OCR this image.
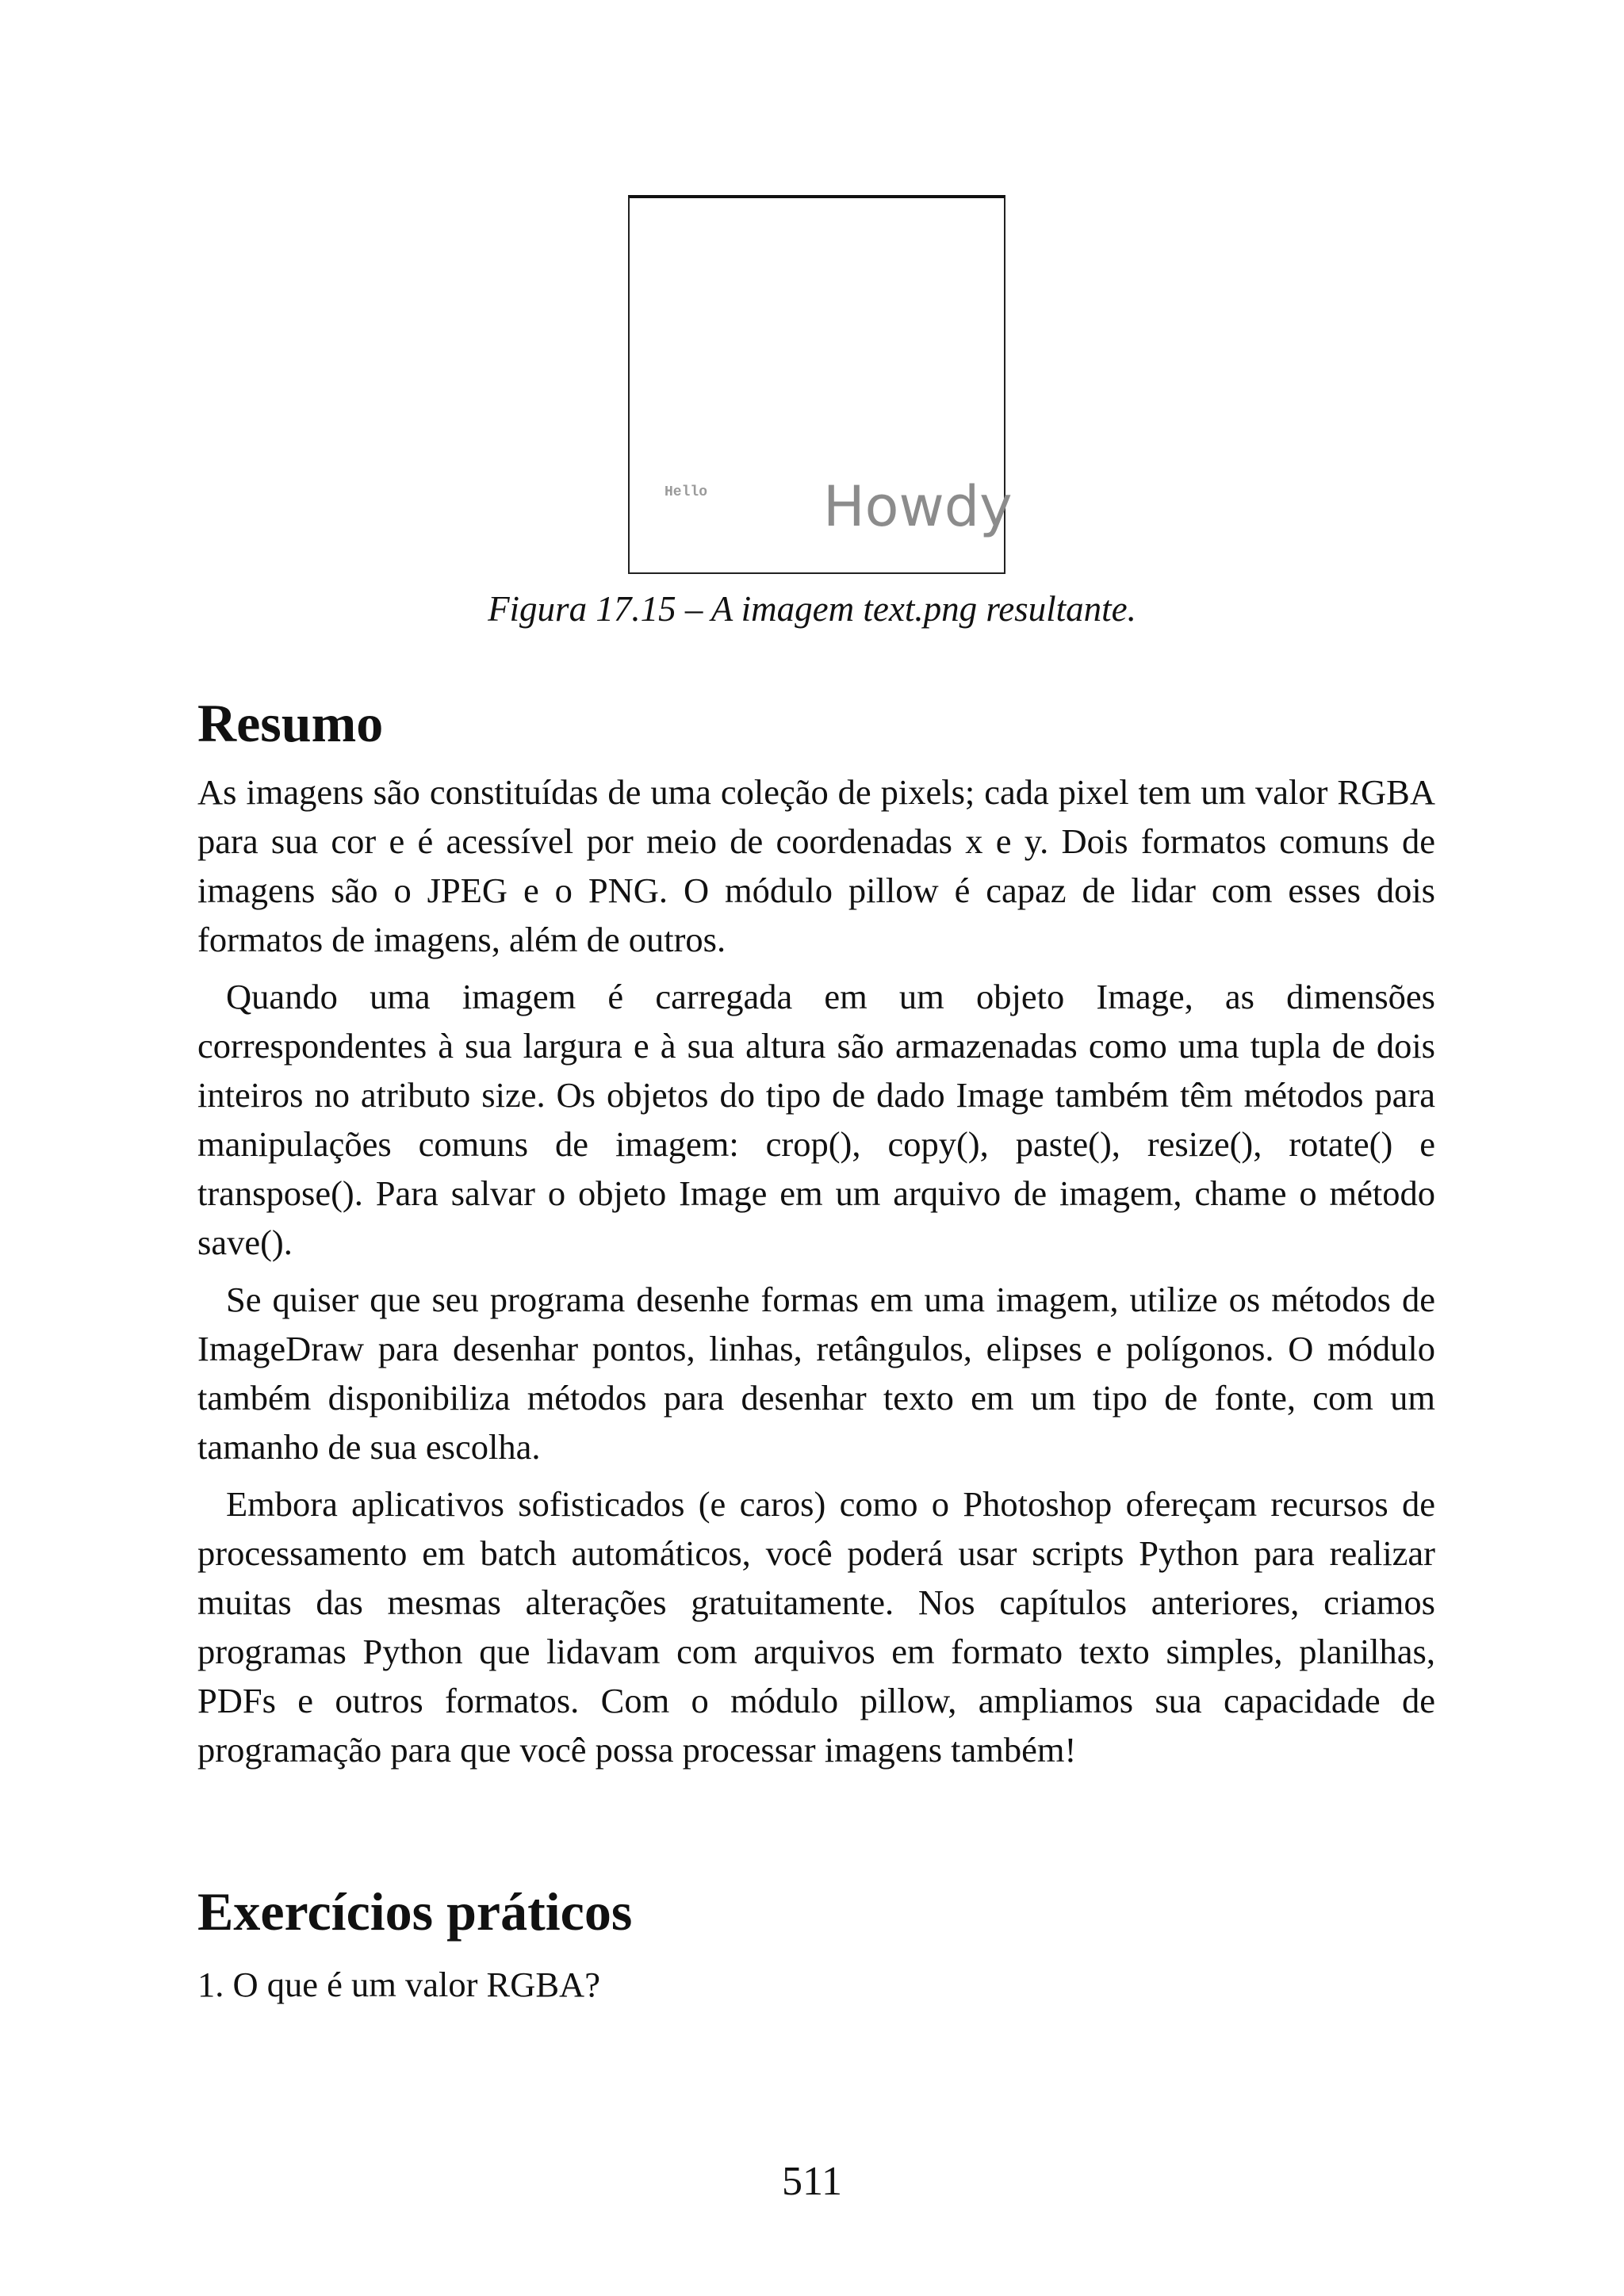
Hello Howdy
Figura 17.15 – A imagem text.png resultante.
Resumo

As imagens são constituídas de uma coleção de pixels; cada pixel tem um valor RGBA para sua cor e é acessível por meio de coordenadas x e y. Dois formatos comuns de imagens são o JPEG e o PNG. O módulo pillow é capaz de lidar com esses dois formatos de imagens, além de outros.

Quando uma imagem é carregada em um objeto Image, as dimensões correspondentes à sua largura e à sua altura são armazenadas como uma tupla de dois inteiros no atributo size. Os objetos do tipo de dado Image também têm métodos para manipulações comuns de imagem: crop(), copy(), paste(), resize(), rotate() e transpose(). Para salvar o objeto Image em um arquivo de imagem, chame o método save().

Se quiser que seu programa desenhe formas em uma imagem, utilize os métodos de ImageDraw para desenhar pontos, linhas, retângulos, elipses e polígonos. O módulo também disponibiliza métodos para desenhar texto em um tipo de fonte, com um tamanho de sua escolha.

Embora aplicativos sofisticados (e caros) como o Photoshop ofereçam recursos de processamento em batch automáticos, você poderá usar scripts Python para realizar muitas das mesmas alterações gratuitamente. Nos capítulos anteriores, criamos programas Python que lidavam com arquivos em formato texto simples, planilhas, PDFs e outros formatos. Com o módulo pillow, ampliamos sua capacidade de programação para que você possa processar imagens também!

Exercícios práticos
1. O que é um valor RGBA?
511
